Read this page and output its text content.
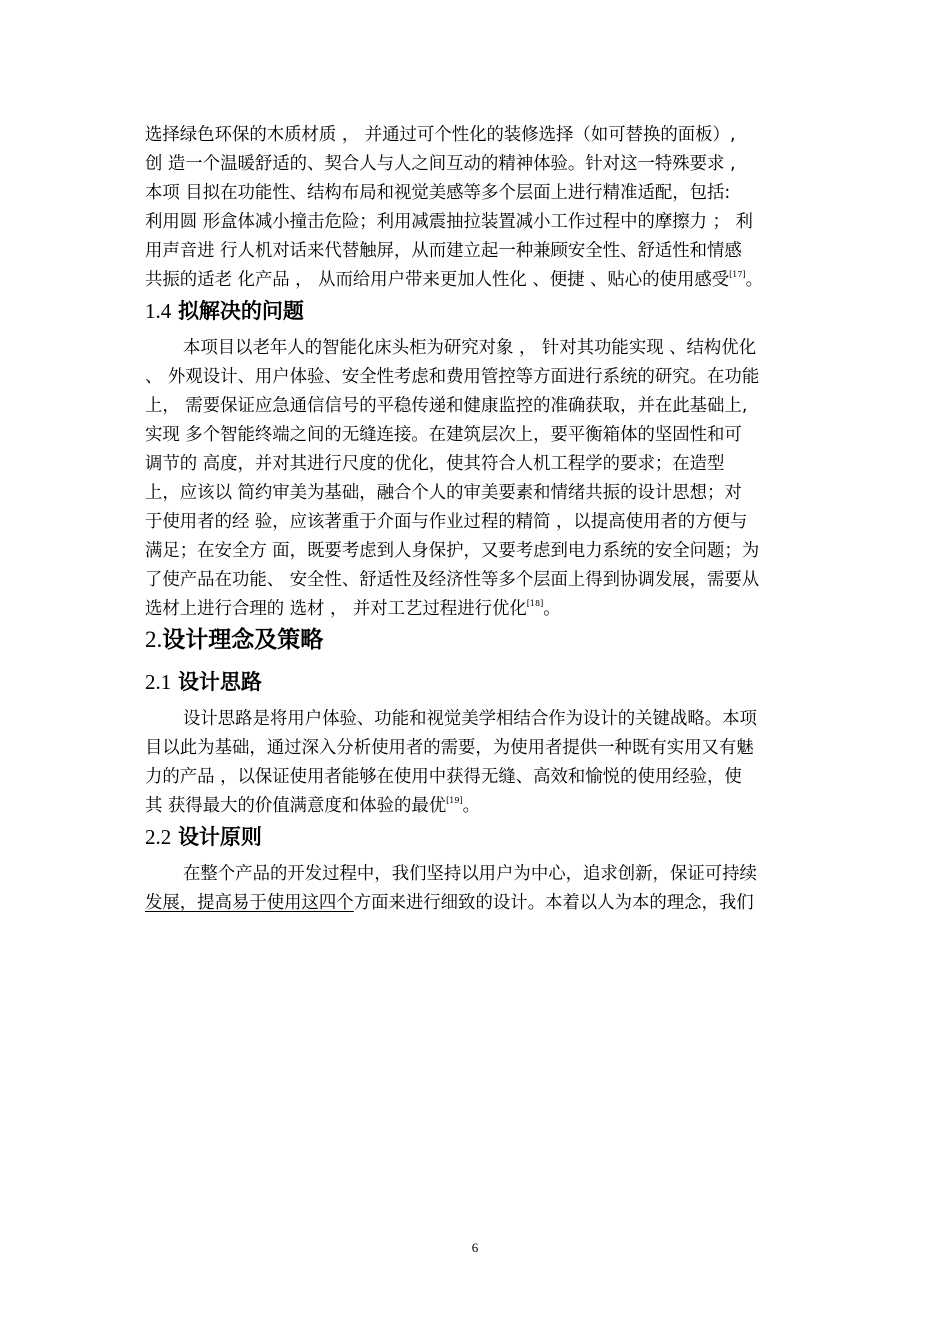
选择绿色环保的木质材质 ， 并通过可个性化的装修选择（如可替换的面板）,
创 造一个温暖舒适的、契合人与人之间互动的精神体验。针对这一特殊要求 ,
本项 目拟在功能性、结构布局和视觉美感等多个层面上进行精准适配，包括:
利用圆 形盒体减小撞击危险；利用减震抽拉装置减小工作过程中的摩擦力 ； 利
用声音进 行人机对话来代替触屏，从而建立起一种兼顾安全性、舒适性和情感
共振的适老 化产品 ， 从而给用户带来更加人性化 、便捷 、贴心的使用感受[17]。
1.4 拟解决的问题
本项目以老年人的智能化床头柜为研究对象 ， 针对其功能实现 、结构优化
、 外观设计、用户体验、安全性考虑和费用管控等方面进行系统的研究。在功能
上， 需要保证应急通信信号的平稳传递和健康监控的准确获取，并在此基础上,
实现 多个智能终端之间的无缝连接。在建筑层次上，要平衡箱体的坚固性和可
调节的 高度，并对其进行尺度的优化，使其符合人机工程学的要求；在造型
上，应该以 简约审美为基础，融合个人的审美要素和情绪共振的设计思想；对
于使用者的经 验，应该著重于介面与作业过程的精简 ，以提高使用者的方便与
满足；在安全方 面，既要考虑到人身保护，又要考虑到电力系统的安全问题；为
了使产品在功能、 安全性、舒适性及经济性等多个层面上得到协调发展，需要从
选材上进行合理的 选材 ， 并对工艺过程进行优化[18]。
2.设计理念及策略
2.1 设计思路
设计思路是将用户体验、功能和视觉美学相结合作为设计的关键战略。本项
目以此为基础，通过深入分析使用者的需要，为使用者提供一种既有实用又有魅
力的产品 ，以保证使用者能够在使用中获得无缝、高效和愉悦的使用经验，使
其 获得最大的价值满意度和体验的最优[19]。
2.2 设计原则
在整个产品的开发过程中，我们坚持以用户为中心，追求创新，保证可持续
发展，提高易于使用这四个方面来进行细致的设计。本着以人为本的理念，我们
6
